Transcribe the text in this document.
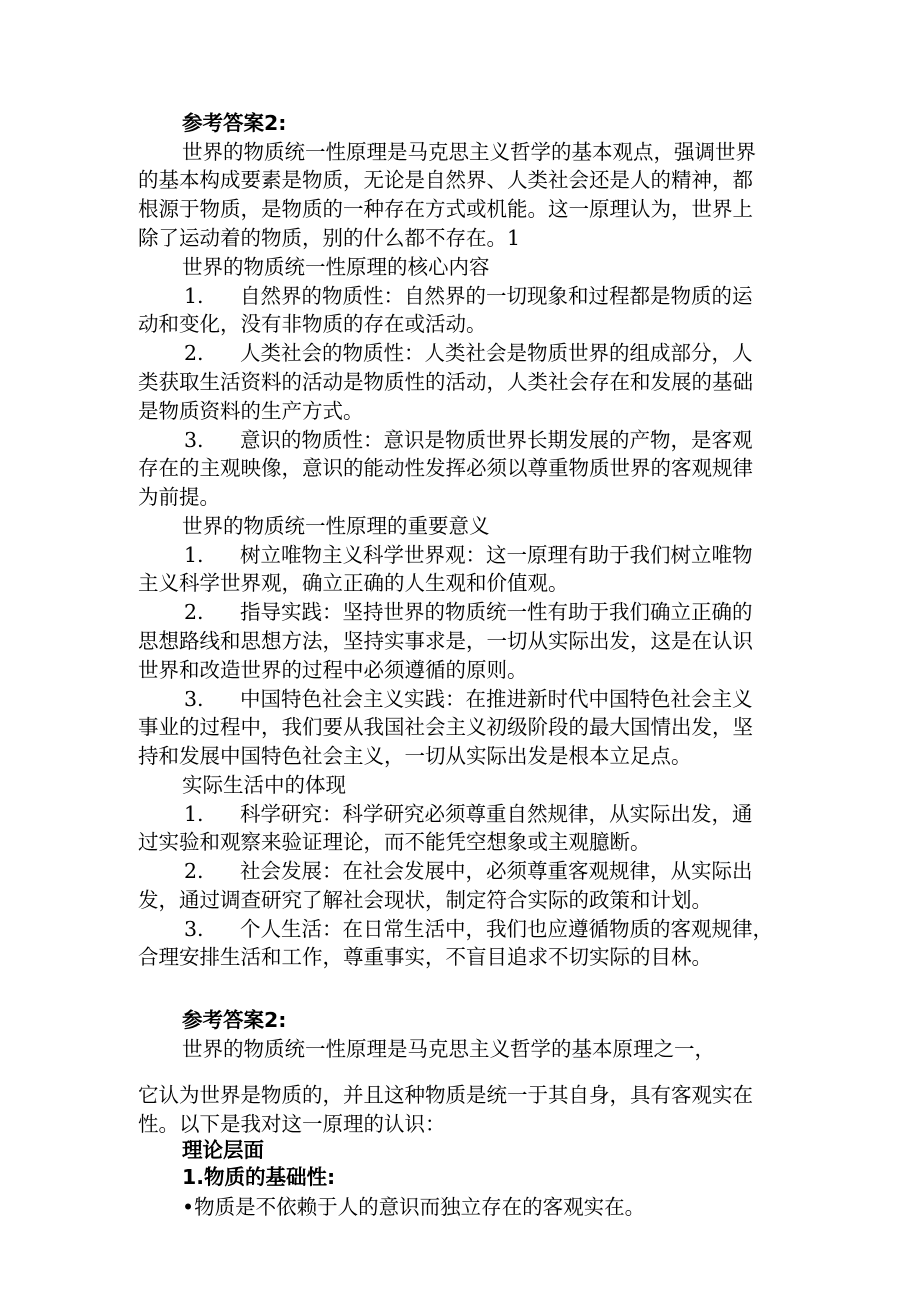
参考答案2:

世界的物质统一性原理是马克思主义哲学的基本观点，强调世界

的基本构成要素是物质，无论是自然界、人类社会还是人的精神，都

根源于物质，是物质的一种存在方式或机能。这一原理认为，世界上

除了运动着的物质，别的什么都不存在。1

世界的物质统一性原理的核心内容

1. 自然界的物质性：自然界的一切现象和过程都是物质的运

动和变化，没有非物质的存在或活动。

2. 人类社会的物质性：人类社会是物质世界的组成部分，人

类获取生活资料的活动是物质性的活动，人类社会存在和发展的基础

是物质资料的生产方式。

3. 意识的物质性：意识是物质世界长期发展的产物，是客观

存在的主观映像，意识的能动性发挥必须以尊重物质世界的客观规律

为前提。

世界的物质统一性原理的重要意义

1. 树立唯物主义科学世界观：这一原理有助于我们树立唯物

主义科学世界观，确立正确的人生观和价值观。

2. 指导实践：坚持世界的物质统一性有助于我们确立正确的

思想路线和思想方法，坚持实事求是，一切从实际出发，这是在认识

世界和改造世界的过程中必须遵循的原则。

3. 中国特色社会主义实践：在推进新时代中国特色社会主义

事业的过程中，我们要从我国社会主义初级阶段的最大国情出发，坚

持和发展中国特色社会主义，一切从实际出发是根本立足点。

实际生活中的体现

1. 科学研究：科学研究必须尊重自然规律，从实际出发，通

过实验和观察来验证理论，而不能凭空想象或主观臆断。

2. 社会发展：在社会发展中，必须尊重客观规律，从实际出

发，通过调查研究了解社会现状，制定符合实际的政策和计划。

3. 个人生活：在日常生活中，我们也应遵循物质的客观规律，

合理安排生活和工作，尊重事实，不盲目追求不切实际的目林。

参考答案2:

世界的物质统一性原理是马克思主义哲学的基本原理之一，

它认为世界是物质的，并且这种物质是统一于其自身，具有客观实在

性。以下是我对这一原理的认识：

理论层面

1.物质的基础性:

•物质是不依赖于人的意识而独立存在的客观实在。
